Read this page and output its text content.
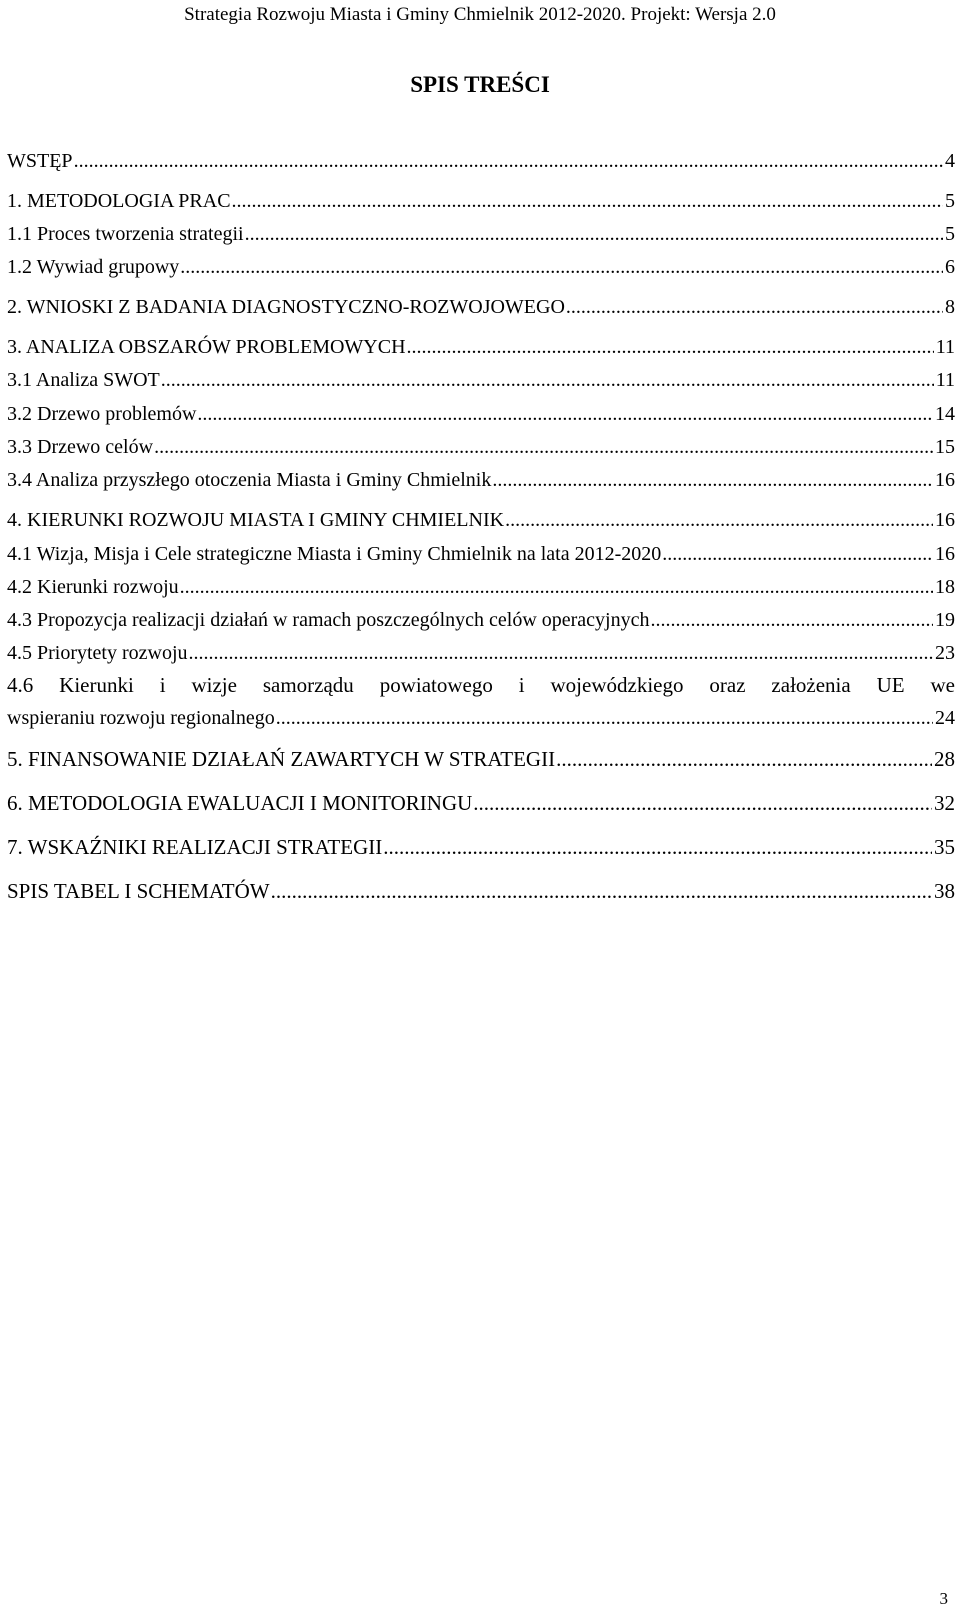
Strategia Rozwoju Miasta i Gminy Chmielnik 2012-2020. Projekt: Wersja 2.0
SPIS TREŚCI
WSTĘP .....	4
1. METODOLOGIA PRAC .....	5
1.1 Proces tworzenia strategii .....	5
1.2 Wywiad grupowy .....	6
2. WNIOSKI Z BADANIA DIAGNOSTYCZNO-ROZWOJOWEGO .....	8
3. ANALIZA OBSZARÓW PROBLEMOWYCH .....	11
3.1 Analiza SWOT .....	11
3.2 Drzewo problemów .....	14
3.3 Drzewo celów .....	15
3.4 Analiza przyszłego otoczenia Miasta i Gminy Chmielnik .....	16
4. KIERUNKI ROZWOJU MIASTA I GMINY CHMIELNIK .....	16
4.1 Wizja, Misja i Cele strategiczne Miasta i Gminy Chmielnik na lata 2012-2020 .....	16
4.2 Kierunki rozwoju .....	18
4.3 Propozycja realizacji działań w ramach poszczególnych celów operacyjnych .....	19
4.5 Priorytety rozwoju .....	23
4.6 Kierunki i wizje samorządu powiatowego i wojewódzkiego oraz założenia UE we
wspieraniu rozwoju regionalnego .....	24
5. FINANSOWANIE DZIAŁAŃ ZAWARTYCH W STRATEGII .....	28
6. METODOLOGIA EWALUACJI I MONITORINGU .....	32
7. WSKAŹNIKI REALIZACJI STRATEGII .....	35
SPIS TABEL I SCHEMATÓW .....	38
3
